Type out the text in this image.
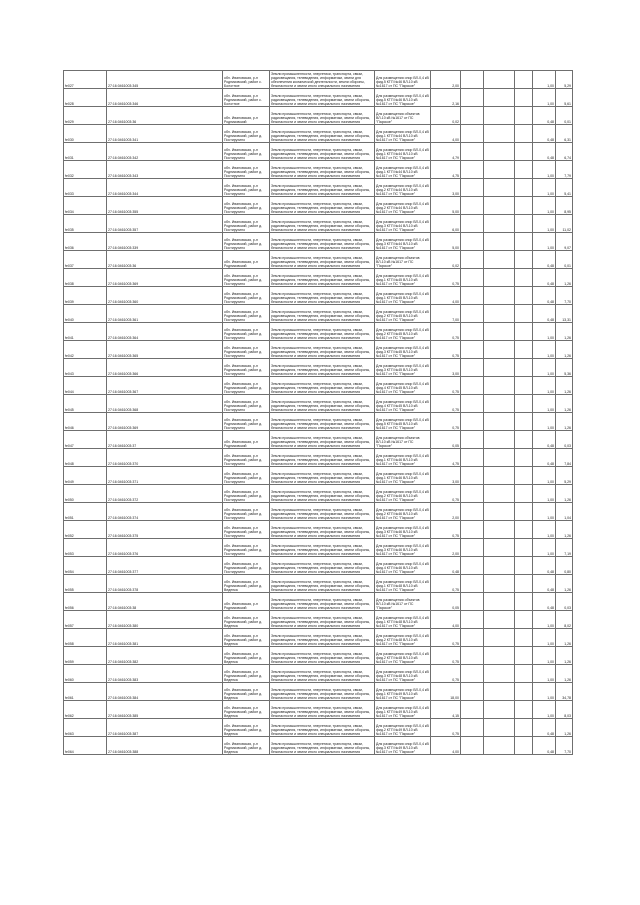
fe027	27:16:0461003:345	обл. Ивановская, р-н Родниковский, район с. Болотное	Земли промышленности, энергетики, транспорта, связи, радиовещания, телевидения, информатики, земли для обеспечения космической деятельности, земли обороны, безопасности и земли иного специального назначения	Для размещения опор ВЛ-0,4 кВ фид.5 КТП №46 ВЛ-10 кВ №1617 от ПС "Парское"	2,00				1,00	5,29
fe028	27:16:0461003:346	обл. Ивановская, р-н Родниковский, район с. Болотное	Земли промышленности, энергетики, транспорта, связи, радиовещания, телевидения, информатики, земли обороны, безопасности и земли иного специального назначения	Для размещения опор ВЛ-0,4 кВ фид.5 КТП №46 ВЛ-10 кВ №1617 от ПС "Парское"	2,16				1,00	5,61
fe029	27:16:0461003:36	обл. Ивановская, р-н Родниковский	Земли промышленности, энергетики, транспорта, связи, радиовещания, телевидения, информатики, земли обороны, безопасности и земли иного специального назначения	Для размещения объектов ВЛ-10 кВ №1617 от ПС "Парское"	0,02				0,48	0,01
fe030	27:16:0461003:341	обл. Ивановская, р-н Родниковский, район д. Постирухино	Земли промышленности, энергетики, транспорта, связи, радиовещания, телевидения, информатики, земли обороны, безопасности и земли иного специального назначения	Для размещения опор ВЛ-0,4 кВ фид.1 КТП №44 ВЛ-10 кВ №1617 от ПС "Парское"	4,00				0,48	6,31
fe031	27:16:0461003:342	обл. Ивановская, р-н Родниковский, район д. Постирухино	Земли промышленности, энергетики, транспорта, связи, радиовещания, телевидения, информатики, земли обороны, безопасности и земли иного специального назначения	Для размещения опор ВЛ-0,4 кВ фид.1 КТП №44 ВЛ-10 кВ №1617 от ПС "Парское"	4,79				0,48	6,74
fe032	27:16:0461003:343	обл. Ивановская, р-н Родниковский, район д. Постирухино	Земли промышленности, энергетики, транспорта, связи, радиовещания, телевидения, информатики, земли обороны, безопасности и земли иного специального назначения	Для размещения опор ВЛ-0,4 кВ фид.1 КТП №44 ВЛ-10 кВ №1617 от ПС "Парское"	4,75				1,00	7,79
fe033	27:16:0461003:344	обл. Ивановская, р-н Родниковский, район д. Постирухино	Земли промышленности, энергетики, транспорта, связи, радиовещания, телевидения, информатики, земли обороны, безопасности и земли иного специального назначения	Для размещения опор ВЛ-0,4 кВ фид.2 КТП №44 ВЛ-10 кВ №1617 от ПС "Парское"	3,00				1,00	5,41
fe034	27:16:0461003:355	обл. Ивановская, р-н Родниковский, район д. Постирухино	Земли промышленности, энергетики, транспорта, связи, радиовещания, телевидения, информатики, земли обороны, безопасности и земли иного специального назначения	Для размещения опор ВЛ-0,4 кВ фид.2 КТП №44 ВЛ-10 кВ №1617 от ПС "Парское"	5,00				1,00	8,95
fe035	27:16:0461003:357	обл. Ивановская, р-н Родниковский, район д. Постирухино	Земли промышленности, энергетики, транспорта, связи, радиовещания, телевидения, информатики, земли обороны, безопасности и земли иного специального назначения	Для размещения опор ВЛ-0,4 кВ фид.3 КТП №44 ВЛ-10 кВ №1617 от ПС "Парское"	6,00				1,00	11,02
fe036	27:16:0461003:339	обл. Ивановская, р-н Родниковский, район д. Постирухино	Земли промышленности, энергетики, транспорта, связи, радиовещания, телевидения, информатики, земли обороны, безопасности и земли иного специального назначения	Для размещения опор ВЛ-0,4 кВ фид.3 КТП №44 ВЛ-10 кВ №1617 от ПС "Парское"	5,00				1,00	9,07
fe037	27:16:0461003:36	обл. Ивановская, р-н Родниковский	Земли промышленности, энергетики, транспорта, связи, радиовещания, телевидения, информатики, земли обороны, безопасности и земли иного специального назначения	Для размещения объектов ВЛ-10 кВ №1617 от ПС "Парское"	0,02				0,48	0,01
fe038	27:16:0461003:369	обл. Ивановская, р-н Родниковский, район д. Постирухино	Земли промышленности, энергетики, транспорта, связи, радиовещания, телевидения, информатики, земли обороны, безопасности и земли иного специального назначения	Для размещения опор ВЛ-0,4 кВ фид.1 КТП №45 ВЛ-10 кВ №1617 от ПС "Парское"	0,75				0,48	1,26
fe039	27:16:0461003:360	обл. Ивановская, р-н Родниковский, район д. Постирухино	Земли промышленности, энергетики, транспорта, связи, радиовещания, телевидения, информатики, земли обороны, безопасности и земли иного специального назначения	Для размещения опор ВЛ-0,4 кВ фид.1 КТП №45 ВЛ-10 кВ №1617 от ПС "Парское"	4,00				0,48	7,70
fe040	27:16:0461003:361	обл. Ивановская, р-н Родниковский, район д. Постирухино	Земли промышленности, энергетики, транспорта, связи, радиовещания, телевидения, информатики, земли обороны, безопасности и земли иного специального назначения	Для размещения опор ВЛ-0,4 кВ фид.2 КТП №45 ВЛ-10 кВ №1617 от ПС "Парское"	7,00				0,48	13,31
fe041	27:16:0461003:364	обл. Ивановская, р-н Родниковский, район д. Постирухино	Земли промышленности, энергетики, транспорта, связи, радиовещания, телевидения, информатики, земли обороны, безопасности и земли иного специального назначения	Для размещения опор ВЛ-0,4 кВ фид.2 КТП №45 ВЛ-10 кВ №1617 от ПС "Парское"	0,75				1,00	1,26
fe042	27:16:0461003:365	обл. Ивановская, р-н Родниковский, район д. Постирухино	Земли промышленности, энергетики, транспорта, связи, радиовещания, телевидения, информатики, земли обороны, безопасности и земли иного специального назначения	Для размещения опор ВЛ-0,4 кВ фид.3 КТП №45 ВЛ-10 кВ №1617 от ПС "Парское"	0,75				1,00	1,26
fe043	27:16:0461003:366	обл. Ивановская, р-н Родниковский, район д. Постирухино	Земли промышленности, энергетики, транспорта, связи, радиовещания, телевидения, информатики, земли обороны, безопасности и земли иного специального назначения	Для размещения опор ВЛ-0,4 кВ фид.3 КТП №45 ВЛ-10 кВ №1617 от ПС "Парское"	3,00				1,00	5,36
fe044	27:16:0461003:367	обл. Ивановская, р-н Родниковский, район д. Постирухино	Земли промышленности, энергетики, транспорта, связи, радиовещания, телевидения, информатики, земли обороны, безопасности и земли иного специального назначения	Для размещения опор ВЛ-0,4 кВ фид.4 КТП №45 ВЛ-10 кВ №1617 от ПС "Парское"	0,75				1,00	1,26
fe045	27:16:0461003:368	обл. Ивановская, р-н Родниковский, район д. Постирухино	Земли промышленности, энергетики, транспорта, связи, радиовещания, телевидения, информатики, земли обороны, безопасности и земли иного специального назначения	Для размещения опор ВЛ-0,4 кВ фид.4 КТП №45 ВЛ-10 кВ №1617 от ПС "Парское"	0,75				1,00	1,26
fe046	27:16:0461003:369	обл. Ивановская, р-н Родниковский, район д. Постирухино	Земли промышленности, энергетики, транспорта, связи, радиовещания, телевидения, информатики, земли обороны, безопасности и земли иного специального назначения	Для размещения опор ВЛ-0,4 кВ фид.5 КТП №45 ВЛ-10 кВ №1617 от ПС "Парское"	0,75				1,00	1,26
fe047	27:16:0461003:37	обл. Ивановская, р-н Родниковский	Земли промышленности, энергетики, транспорта, связи, радиовещания, телевидения, информатики, земли обороны, безопасности и земли иного специального назначения	Для размещения объектов ВЛ-10 кВ №1617 от ПС "Парское"	0,05				0,48	0,03
fe048	27:16:0461003:370	обл. Ивановская, р-н Родниковский, район д. Постирухино	Земли промышленности, энергетики, транспорта, связи, радиовещания, телевидения, информатики, земли обороны, безопасности и земли иного специального назначения	Для размещения опор ВЛ-0,4 кВ фид.1 КТП №46 ВЛ-10 кВ №1617 от ПС "Парское"	4,75				0,48	7,84
fe049	27:16:0461003:371	обл. Ивановская, р-н Родниковский, район д. Постирухино	Земли промышленности, энергетики, транспорта, связи, радиовещания, телевидения, информатики, земли обороны, безопасности и земли иного специального назначения	Для размещения опор ВЛ-0,4 кВ фид.1 КТП №46 ВЛ-10 кВ №1617 от ПС "Парское"	3,00				1,00	5,29
fe050	27:16:0461003:372	обл. Ивановская, р-н Родниковский, район д. Постирухино	Земли промышленности, энергетики, транспорта, связи, радиовещания, телевидения, информатики, земли обороны, безопасности и земли иного специального назначения	Для размещения опор ВЛ-0,4 кВ фид.2 КТП №46 ВЛ-10 кВ №1617 от ПС "Парское"	0,75				1,00	1,26
fe051	27:16:0461003:374	обл. Ивановская, р-н Родниковский, район д. Постирухино	Земли промышленности, энергетики, транспорта, связи, радиовещания, телевидения, информатики, земли обороны, безопасности и земли иного специального назначения	Для размещения опор ВЛ-0,4 кВ фид.2 КТП №46 ВЛ-10 кВ №1617 от ПС "Парское"	2,00				1,00	1,04
fe052	27:16:0461003:375	обл. Ивановская, р-н Родниковский, район д. Постирухино	Земли промышленности, энергетики, транспорта, связи, радиовещания, телевидения, информатики, земли обороны, безопасности и земли иного специального назначения	Для размещения опор ВЛ-0,4 кВ фид.3 КТП №46 ВЛ-10 кВ №1617 от ПС "Парское"	0,75				1,00	1,26
fe053	27:16:0461003:376	обл. Ивановская, р-н Родниковский, район д. Постирухино	Земли промышленности, энергетики, транспорта, связи, радиовещания, телевидения, информатики, земли обороны, безопасности и земли иного специального назначения	Для размещения опор ВЛ-0,4 кВ фид.3 КТП №46 ВЛ-10 кВ №1617 от ПС "Парское"	2,00				1,00	7,19
fe054	27:16:0461003:377	обл. Ивановская, р-н Родниковский, район д. Постирухино	Земли промышленности, энергетики, транспорта, связи, радиовещания, телевидения, информатики, земли обороны, безопасности и земли иного специального назначения	Для размещения опор ВЛ-0,4 кВ фид.4 КТП №46 ВЛ-10 кВ №1617 от ПС "Парское"	0,48				0,48	0,80
fe055	27:16:0461003:378	обл. Ивановская, р-н Родниковский, район д. Веденка	Земли промышленности, энергетики, транспорта, связи, радиовещания, телевидения, информатики, земли обороны, безопасности и земли иного специального назначения	Для размещения опор ВЛ-0,4 кВ фид.1 КТП №48 ВЛ-10 кВ №1617 от ПС "Парское"	0,75				0,48	1,26
fe056	27:16:0461003:38	обл. Ивановская, р-н Родниковский	Земли промышленности, энергетики, транспорта, связи, радиовещания, телевидения, информатики, земли обороны, безопасности и земли иного специального назначения	Для размещения объектов ВЛ-10 кВ №1617 от ПС "Парское"	0,05				0,48	0,03
fe057	27:16:0461003:380	обл. Ивановская, р-н Родниковский, район д. Веденка	Земли промышленности, энергетики, транспорта, связи, радиовещания, телевидения, информатики, земли обороны, безопасности и земли иного специального назначения	Для размещения опор ВЛ-0,4 кВ фид.1 КТП №48 ВЛ-10 кВ №1617 от ПС "Парское"	4,00				1,00	8,02
fe058	27:16:0461003:381	обл. Ивановская, р-н Родниковский, район д. Веденка	Земли промышленности, энергетики, транспорта, связи, радиовещания, телевидения, информатики, земли обороны, безопасности и земли иного специального назначения	Для размещения опор ВЛ-0,4 кВ фид.2 КТП №48 ВЛ-10 кВ №1617 от ПС "Парское"	0,75				1,00	1,26
fe059	27:16:0461003:382	обл. Ивановская, р-н Родниковский, район д. Веденка	Земли промышленности, энергетики, транспорта, связи, радиовещания, телевидения, информатики, земли обороны, безопасности и земли иного специального назначения	Для размещения опор ВЛ-0,4 кВ фид.2 КТП №48 ВЛ-10 кВ №1617 от ПС "Парское"	0,75				1,00	1,26
fe060	27:16:0461003:383	обл. Ивановская, р-н Родниковский, район д. Веденка	Земли промышленности, энергетики, транспорта, связи, радиовещания, телевидения, информатики, земли обороны, безопасности и земли иного специального назначения	Для размещения опор ВЛ-0,4 кВ фид.3 КТП №48 ВЛ-10 кВ №1617 от ПС "Парское"	0,75				1,00	1,26
fe061	27:16:0461003:384	обл. Ивановская, р-н Родниковский, район д. Веденка	Земли промышленности, энергетики, транспорта, связи, радиовещания, телевидения, информатики, земли обороны, безопасности и земли иного специального назначения	Для размещения опор ВЛ-0,4 кВ фид.1 КТП №49 ВЛ-10 кВ №1617 от ПС "Парское"	18,00				1,00	34,78
fe062	27:16:0461003:385	обл. Ивановская, р-н Родниковский, район д. Веденка	Земли промышленности, энергетики, транспорта, связи, радиовещания, телевидения, информатики, земли обороны, безопасности и земли иного специального назначения	Для размещения опор ВЛ-0,4 кВ фид.1 КТП №49 ВЛ-10 кВ №1617 от ПС "Парское"	4,15				1,00	8,03
fe063	27:16:0461003:387	обл. Ивановская, р-н Родниковский, район д. Веденка	Земли промышленности, энергетики, транспорта, связи, радиовещания, телевидения, информатики, земли обороны, безопасности и земли иного специального назначения	Для размещения опор ВЛ-0,4 кВ фид.2 КТП №49 ВЛ-10 кВ №1617 от ПС "Парское"	0,75				0,48	1,26
fe064	27:16:0461003:388	обл. Ивановская, р-н Родниковский, район д. Веденка	Земли промышленности, энергетики, транспорта, связи, радиовещания, телевидения, информатики, земли обороны, безопасности и земли иного специального назначения	Для размещения опор ВЛ-0,4 кВ фид.3 КТП №49 ВЛ-10 кВ №1617 от ПС "Парское"	4,00				0,48	7,70
